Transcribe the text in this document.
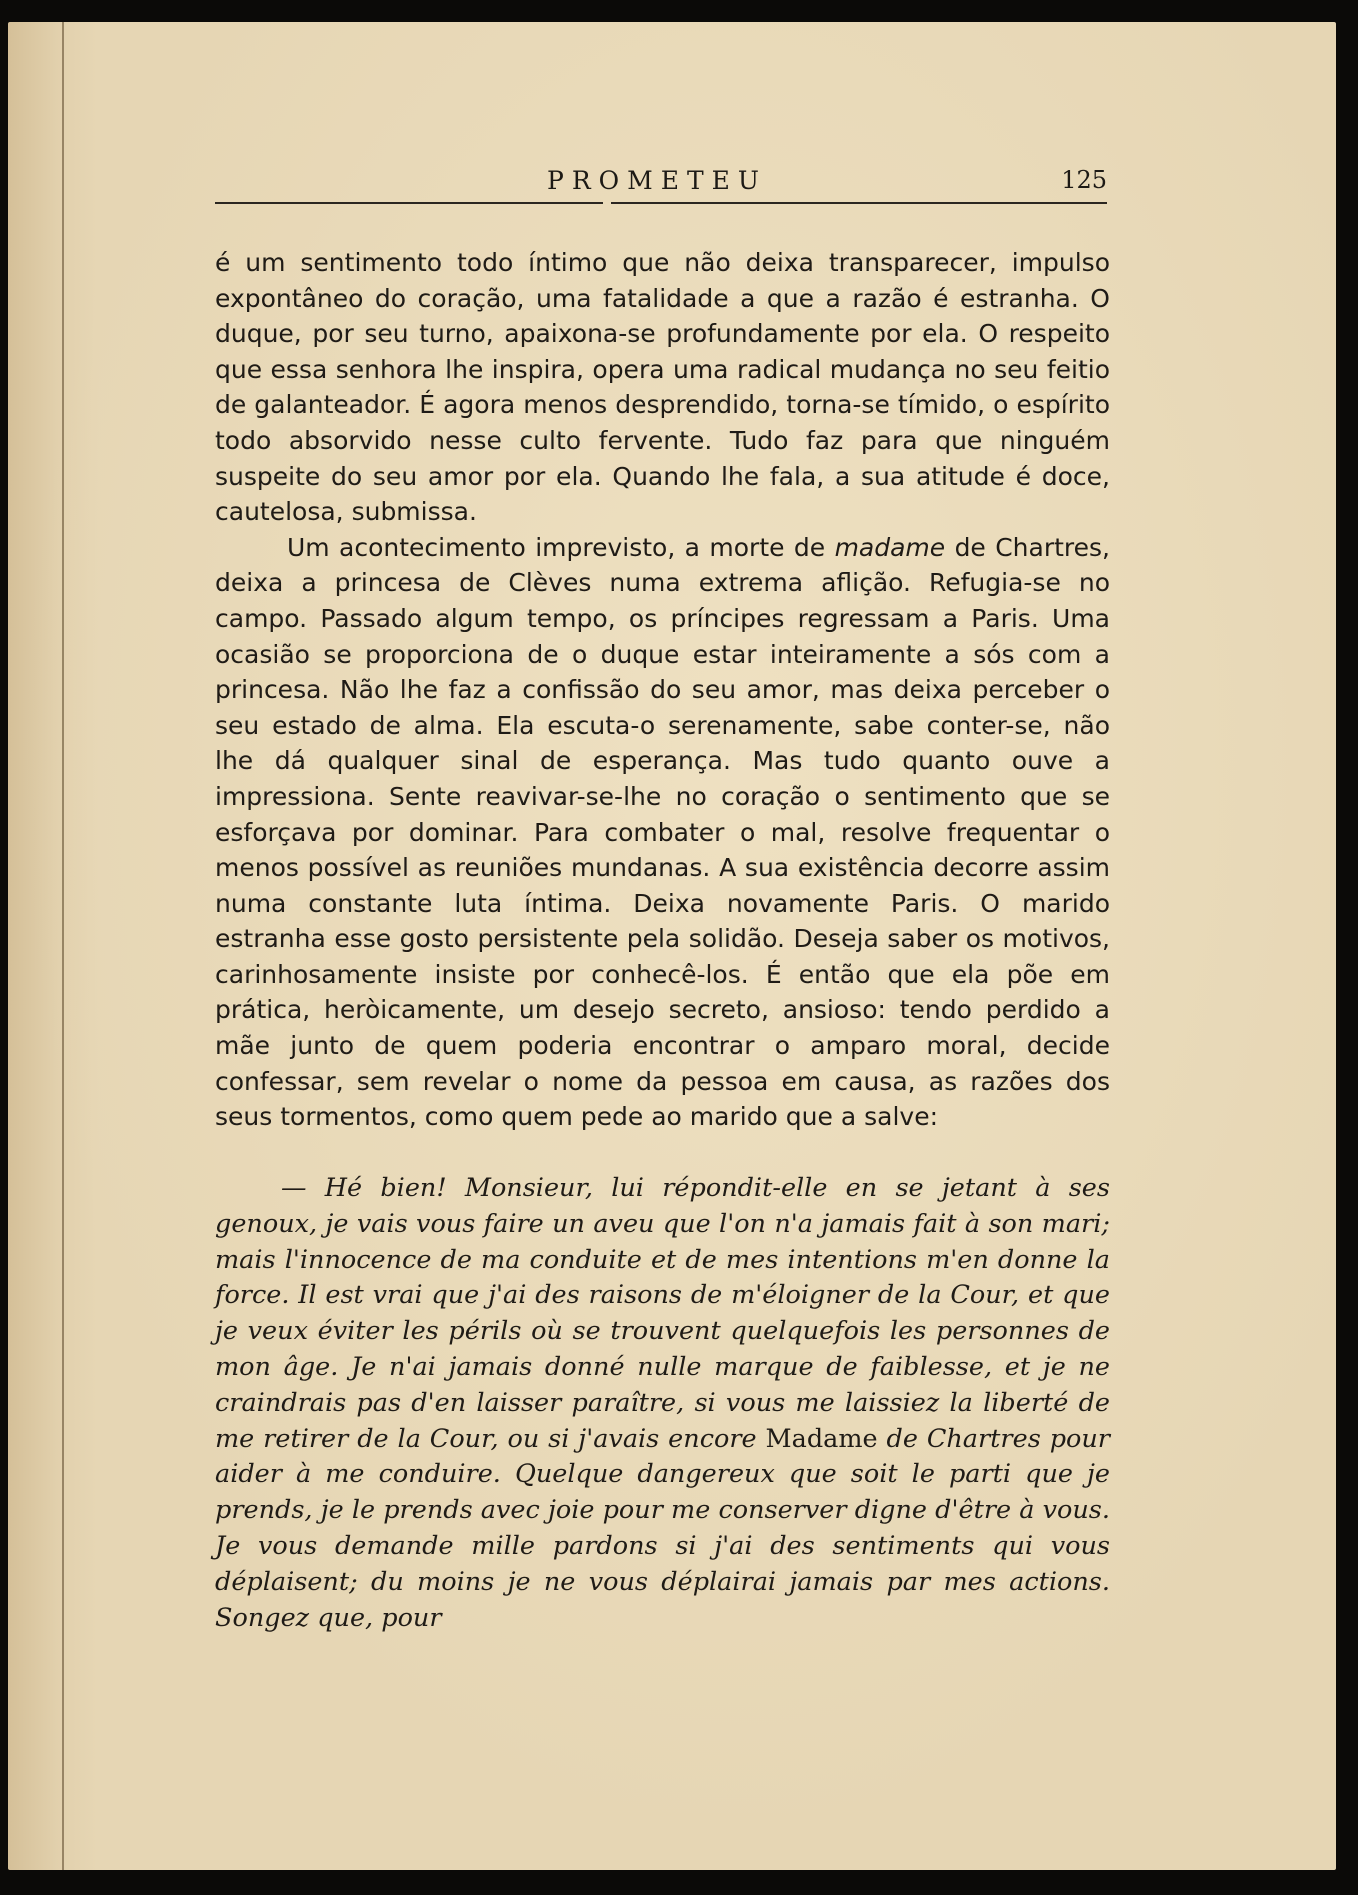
PROMETEU	125

é um sentimento todo íntimo que não deixa transparecer, impulso expontâneo do coração, uma fatalidade a que a razão é estranha. O duque, por seu turno, apaixona-se profundamente por ela. O respeito que essa senhora lhe inspira, opera uma radical mudança no seu feitio de galanteador. É agora menos desprendido, torna-se tímido, o espírito todo absorvido nesse culto fervente. Tudo faz para que ninguém suspeite do seu amor por ela. Quando lhe fala, a sua atitude é doce, cautelosa, submissa.

Um acontecimento imprevisto, a morte de madame de Chartres, deixa a princesa de Clèves numa extrema aflição. Refugia-se no campo. Passado algum tempo, os príncipes regressam a Paris. Uma ocasião se proporciona de o duque estar inteiramente a sós com a princesa. Não lhe faz a confissão do seu amor, mas deixa perceber o seu estado de alma. Ela escuta-o serenamente, sabe conter-se, não lhe dá qualquer sinal de esperança. Mas tudo quanto ouve a impressiona. Sente reavivar-se-lhe no coração o sentimento que se esforçava por dominar. Para combater o mal, resolve frequentar o menos possível as reuniões mundanas. A sua existência decorre assim numa constante luta íntima. Deixa novamente Paris. O marido estranha esse gosto persistente pela solidão. Deseja saber os motivos, carinhosamente insiste por conhecê-los. É então que ela põe em prática, heròicamente, um desejo secreto, ansioso: tendo perdido a mãe junto de quem poderia encontrar o amparo moral, decide confessar, sem revelar o nome da pessoa em causa, as razões dos seus tormentos, como quem pede ao marido que a salve:

— Hé bien! Monsieur, lui répondit-elle en se jetant à ses genoux, je vais vous faire un aveu que l'on n'a jamais fait à son mari; mais l'innocence de ma conduite et de mes intentions m'en donne la force. Il est vrai que j'ai des raisons de m'éloigner de la Cour, et que je veux éviter les périls où se trouvent quelquefois les personnes de mon âge. Je n'ai jamais donné nulle marque de faiblesse, et je ne craindrais pas d'en laisser paraître, si vous me laissiez la liberté de me retirer de la Cour, ou si j'avais encore Madame de Chartres pour aider à me conduire. Quelque dangereux que soit le parti que je prends, je le prends avec joie pour me conserver digne d'être à vous. Je vous demande mille pardons si j'ai des sentiments qui vous déplaisent; du moins je ne vous déplairai jamais par mes actions. Songez que, pour
